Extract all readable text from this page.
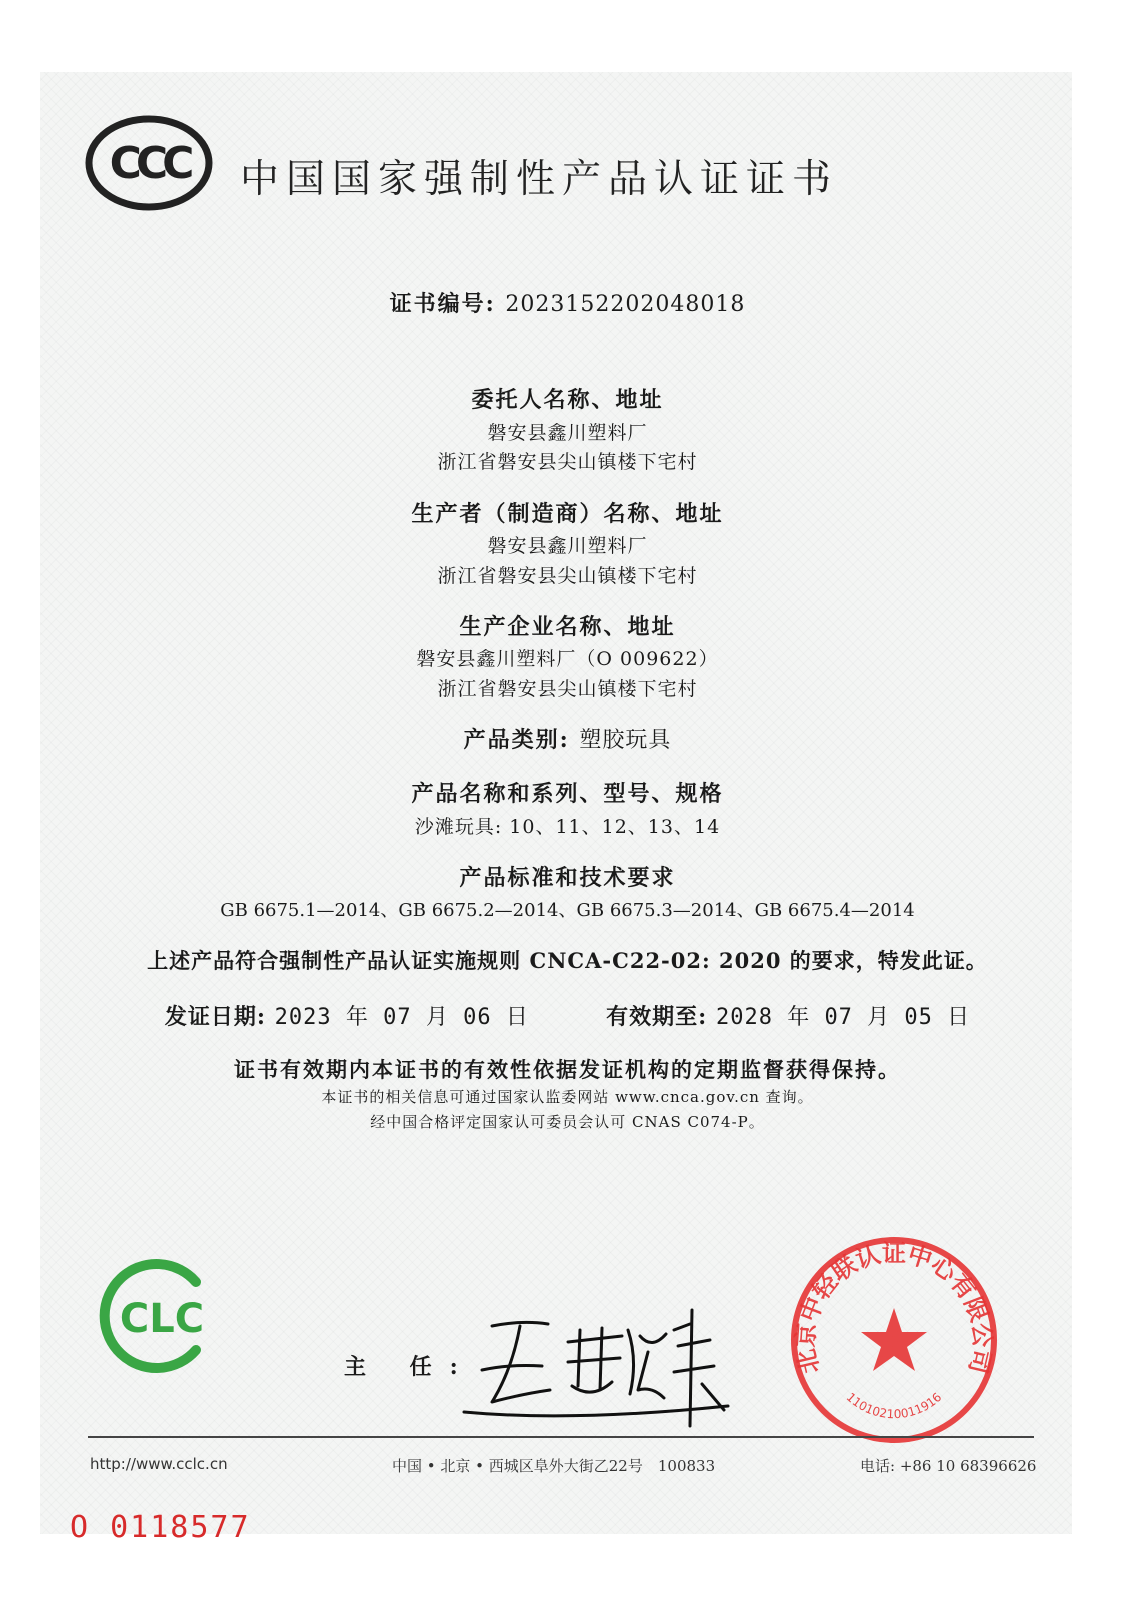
CCC 中国国家强制性产品认证证书
证书编号: 2023152202048018
委托人名称、地址
磐安县鑫川塑料厂
浙江省磐安县尖山镇楼下宅村
生产者（制造商）名称、地址
磐安县鑫川塑料厂
浙江省磐安县尖山镇楼下宅村
生产企业名称、地址
磐安县鑫川塑料厂（O 009622）
浙江省磐安县尖山镇楼下宅村
产品类别: 塑胶玩具
产品名称和系列、型号、规格
沙滩玩具: 10、11、12、13、14
产品标准和技术要求
GB 6675.1—2014、GB 6675.2—2014、GB 6675.3—2014、GB 6675.4—2014
上述产品符合强制性产品认证实施规则 CNCA-C22-02: 2020 的要求，特发此证。
发证日期: 2023 年 07 月 06 日	有效期至: 2028 年 07 月 05 日
证书有效期内本证书的有效性依据发证机构的定期监督获得保持。
本证书的相关信息可通过国家认监委网站 www.cnca.gov.cn 查询。
经中国合格评定国家认可委员会认可 CNAS C074-P。
CLC
主 任:	北京中轻联认证中心有限公司
11010210011916
http://www.cclc.cn	中国 • 北京 • 西城区阜外大街乙22号　100833	电话: +86 10 68396626
O 0118577
